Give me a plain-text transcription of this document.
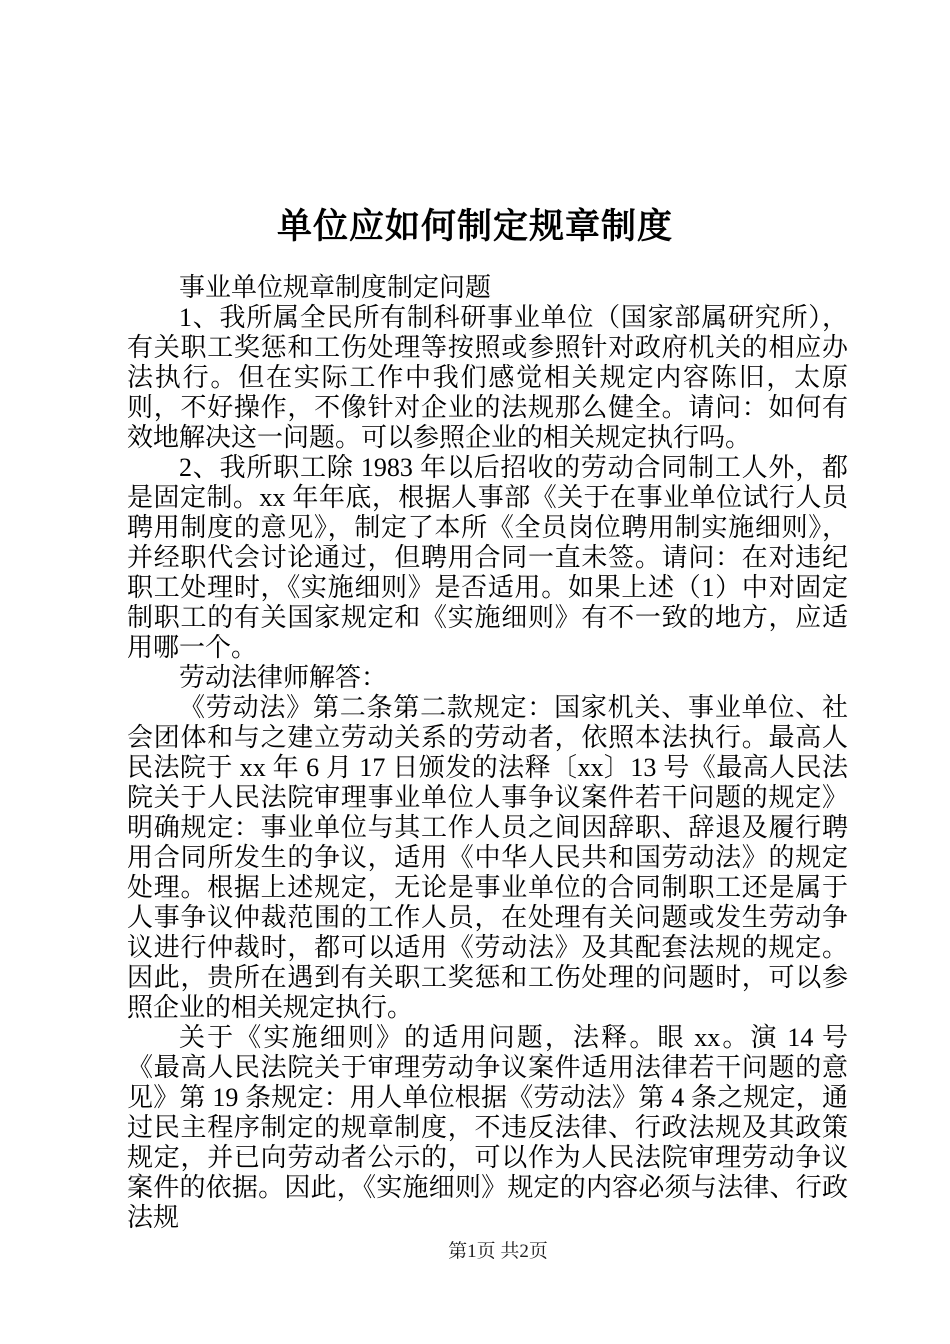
单位应如何制定规章制度

事业单位规章制度制定问题

1、我所属全民所有制科研事业单位（国家部属研究所），有关职工奖惩和工伤处理等按照或参照针对政府机关的相应办法执行。但在实际工作中我们感觉相关规定内容陈旧，太原则，不好操作，不像针对企业的法规那么健全。请问：如何有效地解决这一问题。可以参照企业的相关规定执行吗。

2、我所职工除 1983 年以后招收的劳动合同制工人外，都是固定制。xx 年年底，根据人事部《关于在事业单位试行人员聘用制度的意见》，制定了本所《全员岗位聘用制实施细则》，并经职代会讨论通过，但聘用合同一直未签。请问：在对违纪职工处理时，《实施细则》是否适用。如果上述（1）中对固定制职工的有关国家规定和《实施细则》有不一致的地方，应适用哪一个。

劳动法律师解答：

《劳动法》第二条第二款规定：国家机关、事业单位、社会团体和与之建立劳动关系的劳动者，依照本法执行。最高人民法院于 xx 年 6 月 17 日颁发的法释〔xx〕13 号《最高人民法院关于人民法院审理事业单位人事争议案件若干问题的规定》明确规定：事业单位与其工作人员之间因辞职、辞退及履行聘用合同所发生的争议，适用《中华人民共和国劳动法》的规定处理。根据上述规定，无论是事业单位的合同制职工还是属于人事争议仲裁范围的工作人员，在处理有关问题或发生劳动争议进行仲裁时，都可以适用《劳动法》及其配套法规的规定。因此，贵所在遇到有关职工奖惩和工伤处理的问题时，可以参照企业的相关规定执行。

关于《实施细则》的适用问题，法释。眼 xx。演 14 号《最高人民法院关于审理劳动争议案件适用法律若干问题的意见》第 19 条规定：用人单位根据《劳动法》第 4 条之规定，通过民主程序制定的规章制度，不违反法律、行政法规及其政策规定，并已向劳动者公示的，可以作为人民法院审理劳动争议案件的依据。因此，《实施细则》规定的内容必须与法律、行政法规

第1页 共2页
